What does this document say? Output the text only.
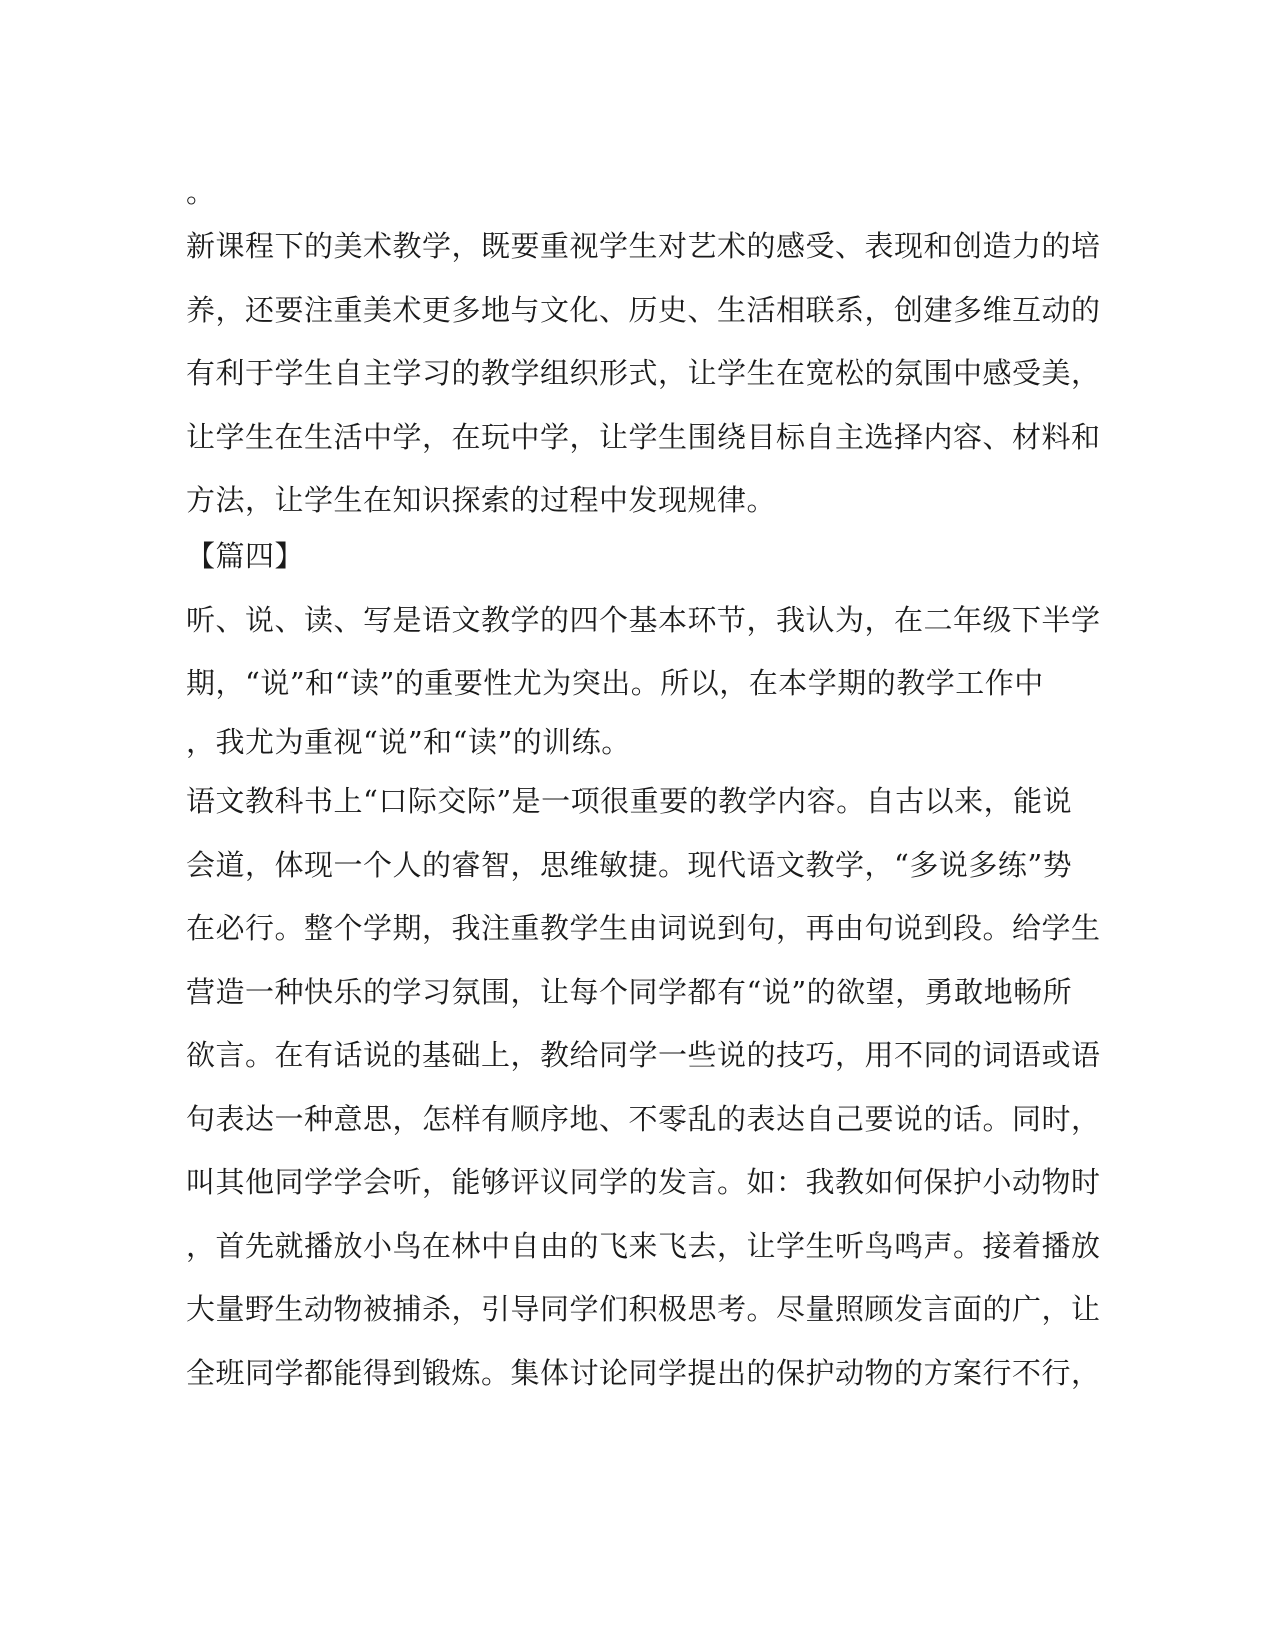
。

新课程下的美术教学，既要重视学生对艺术的感受、表现和创造力的培

养，还要注重美术更多地与文化、历史、生活相联系，创建多维互动的

有利于学生自主学习的教学组织形式，让学生在宽松的氛围中感受美，

让学生在生活中学，在玩中学，让学生围绕目标自主选择内容、材料和

方法，让学生在知识探索的过程中发现规律。

【篇四】

听、说、读、写是语文教学的四个基本环节，我认为，在二年级下半学

期，“说”和“读”的重要性尤为突出。所以，在本学期的教学工作中

，我尤为重视“说”和“读”的训练。

语文教科书上“口际交际”是一项很重要的教学内容。自古以来，能说

会道，体现一个人的睿智，思维敏捷。现代语文教学，“多说多练”势

在必行。整个学期，我注重教学生由词说到句，再由句说到段。给学生

营造一种快乐的学习氛围，让每个同学都有“说”的欲望，勇敢地畅所

欲言。在有话说的基础上，教给同学一些说的技巧，用不同的词语或语

句表达一种意思，怎样有顺序地、不零乱的表达自己要说的话。同时，

叫其他同学学会听，能够评议同学的发言。如：我教如何保护小动物时

，首先就播放小鸟在林中自由的飞来飞去，让学生听鸟鸣声。接着播放

大量野生动物被捕杀，引导同学们积极思考。尽量照顾发言面的广，让

全班同学都能得到锻炼。集体讨论同学提出的保护动物的方案行不行，
